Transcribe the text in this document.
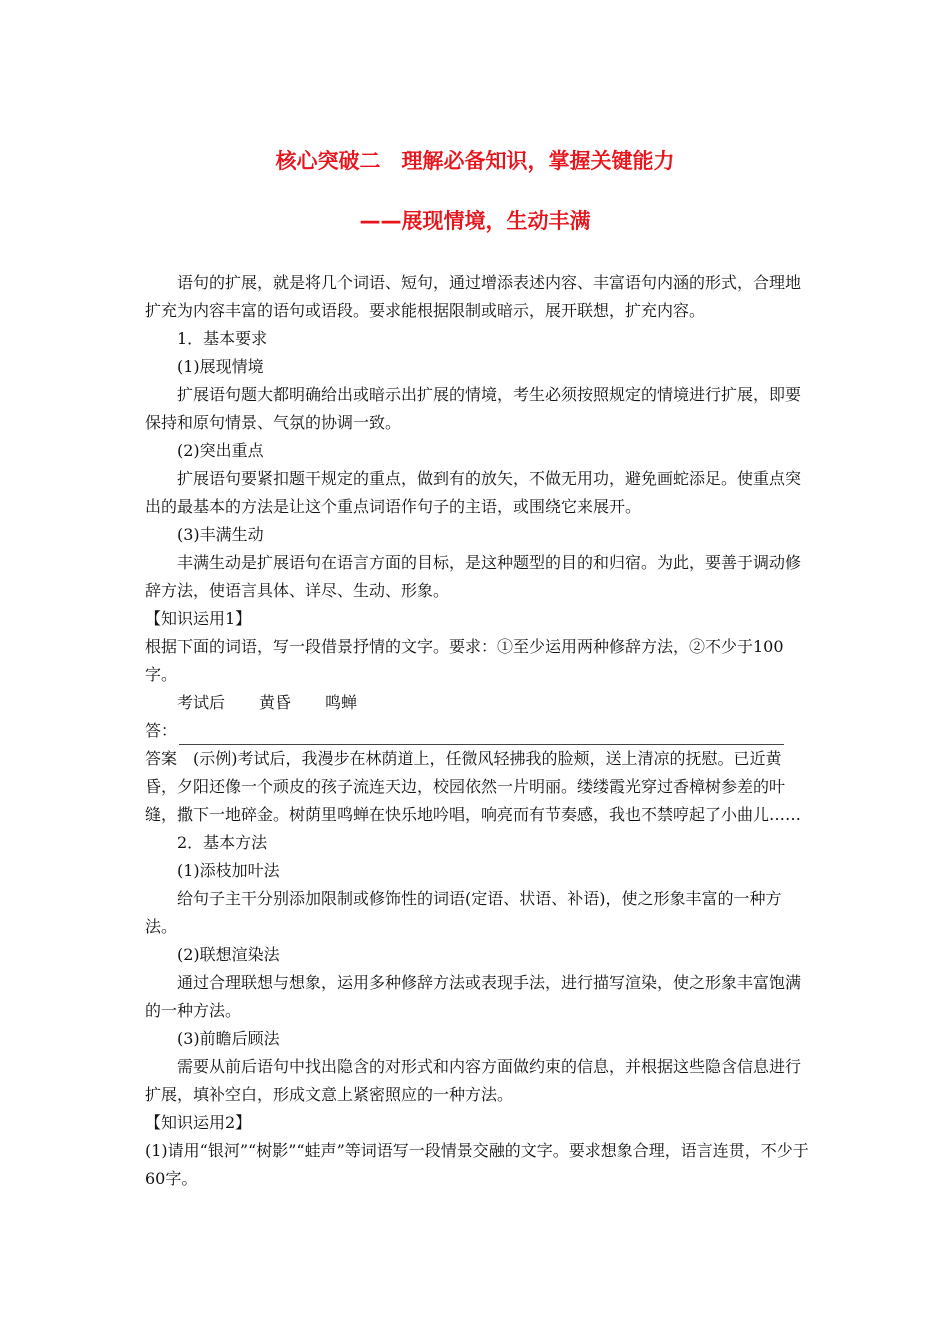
核心突破二　理解必备知识，掌握关键能力
——展现情境，生动丰满

语句的扩展，就是将几个词语、短句，通过增添表述内容、丰富语句内涵的形式，合理地扩充为内容丰富的语句或语段。要求能根据限制或暗示，展开联想，扩充内容。

1．基本要求

(1)展现情境

扩展语句题大都明确给出或暗示出扩展的情境，考生必须按照规定的情境进行扩展，即要保持和原句情景、气氛的协调一致。

(2)突出重点

扩展语句要紧扣题干规定的重点，做到有的放矢，不做无用功，避免画蛇添足。使重点突出的最基本的方法是让这个重点词语作句子的主语，或围绕它来展开。

(3)丰满生动

丰满生动是扩展语句在语言方面的目标，是这种题型的目的和归宿。为此，要善于调动修辞方法，使语言具体、详尽、生动、形象。

【知识运用1】

根据下面的词语，写一段借景抒情的文字。要求：①至少运用两种修辞方法，②不少于100字。

考试后 黄昏 鸣蝉

答：

答案　(示例)考试后，我漫步在林荫道上，任微风轻拂我的脸颊，送上清凉的抚慰。已近黄昏，夕阳还像一个顽皮的孩子流连天边，校园依然一片明丽。缕缕霞光穿过香樟树参差的叶缝，撒下一地碎金。树荫里鸣蝉在快乐地吟唱，响亮而有节奏感，我也不禁哼起了小曲儿……

2．基本方法

(1)添枝加叶法

给句子主干分别添加限制或修饰性的词语(定语、状语、补语)，使之形象丰富的一种方法。

(2)联想渲染法

通过合理联想与想象，运用多种修辞方法或表现手法，进行描写渲染，使之形象丰富饱满的一种方法。

(3)前瞻后顾法

需要从前后语句中找出隐含的对形式和内容方面做约束的信息，并根据这些隐含信息进行扩展，填补空白，形成文意上紧密照应的一种方法。

【知识运用2】

(1)请用“银河”“树影”“蛙声”等词语写一段情景交融的文字。要求想象合理，语言连贯，不少于60字。
